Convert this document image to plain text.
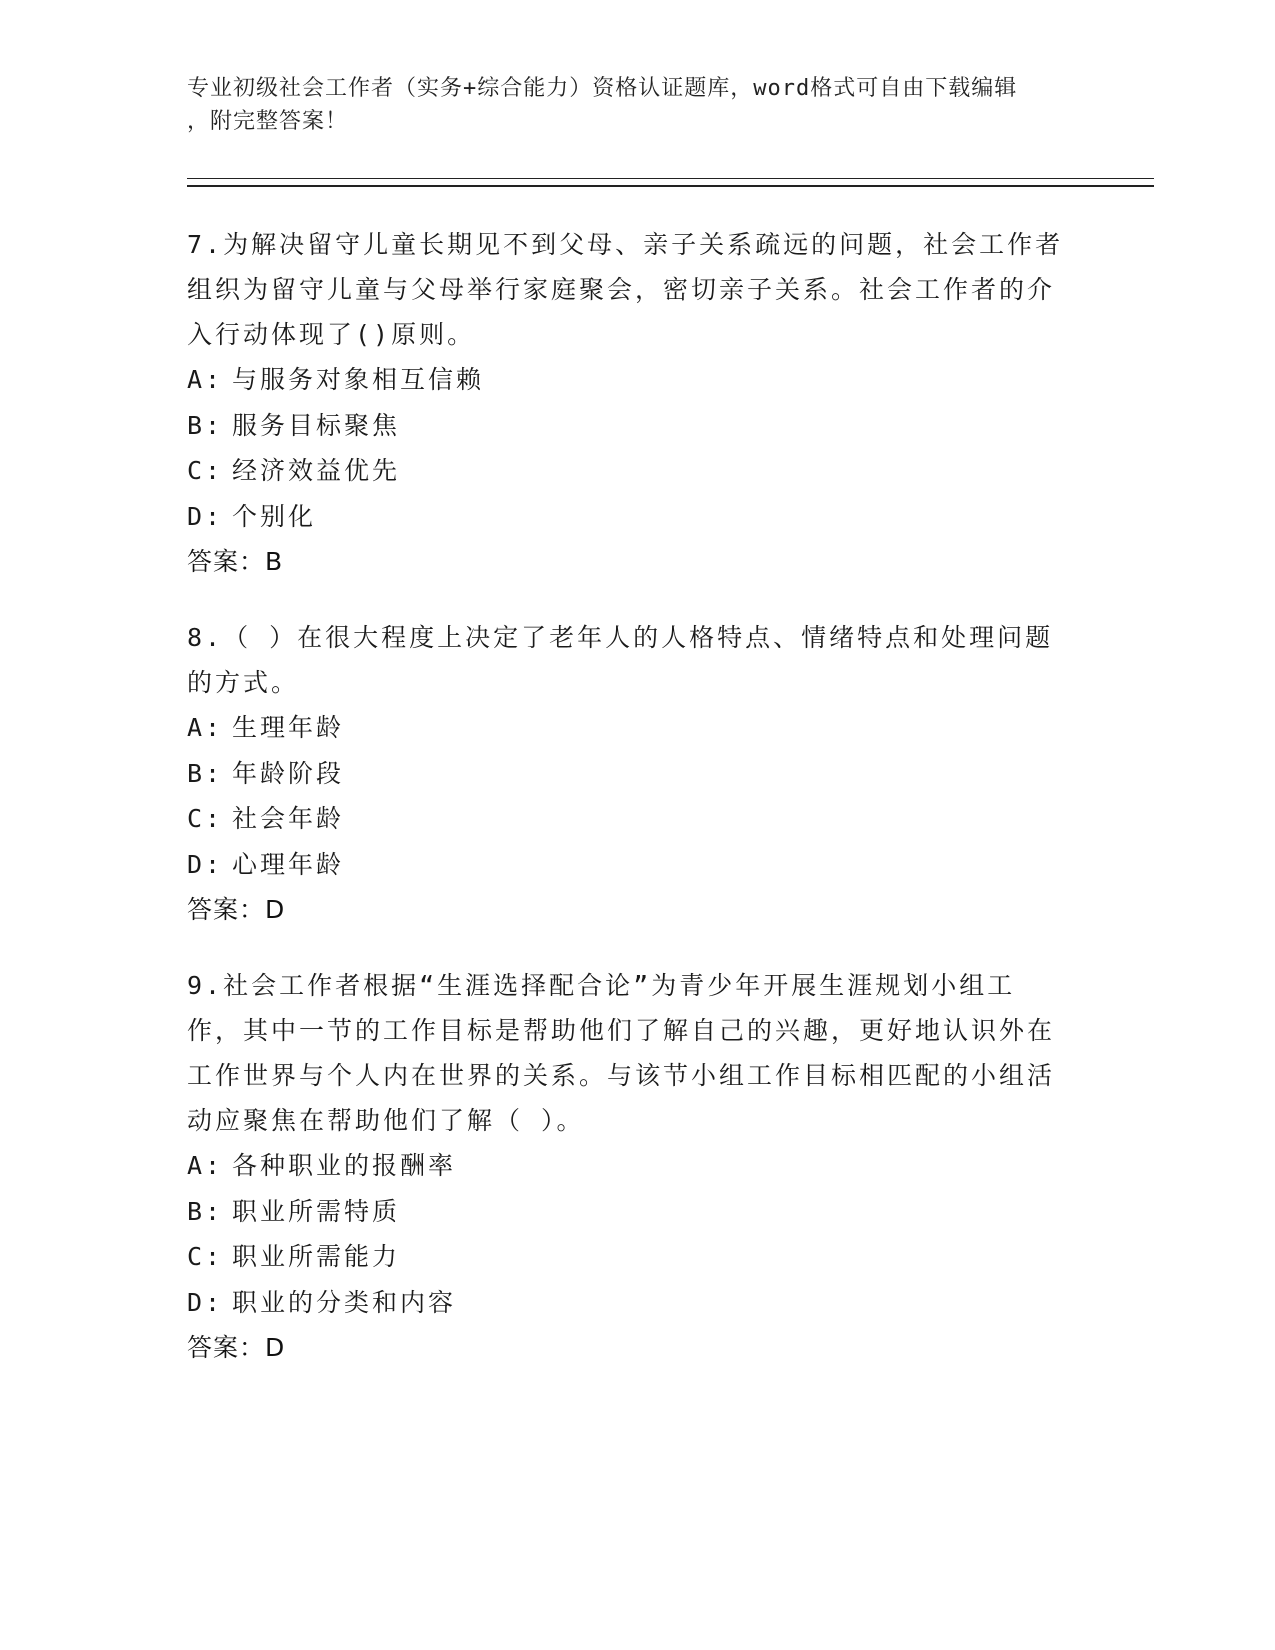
专业初级社会工作者（实务+综合能力）资格认证题库，word格式可自由下载编辑
，附完整答案！

7.为解决留守儿童长期见不到父母、亲子关系疏远的问题，社会工作者组织为留守儿童与父母举行家庭聚会，密切亲子关系。社会工作者的介入行动体现了()原则。

A: 与服务对象相互信赖

B: 服务目标聚焦

C: 经济效益优先

D: 个别化

答案：B

8.（ ）在很大程度上决定了老年人的人格特点、情绪特点和处理问题的方式。

A: 生理年龄

B: 年龄阶段

C: 社会年龄

D: 心理年龄

答案：D

9.社会工作者根据“生涯选择配合论”为青少年开展生涯规划小组工作，其中一节的工作目标是帮助他们了解自己的兴趣，更好地认识外在工作世界与个人内在世界的关系。与该节小组工作目标相匹配的小组活动应聚焦在帮助他们了解（ ）。

A: 各种职业的报酬率

B: 职业所需特质

C: 职业所需能力

D: 职业的分类和内容

答案：D
